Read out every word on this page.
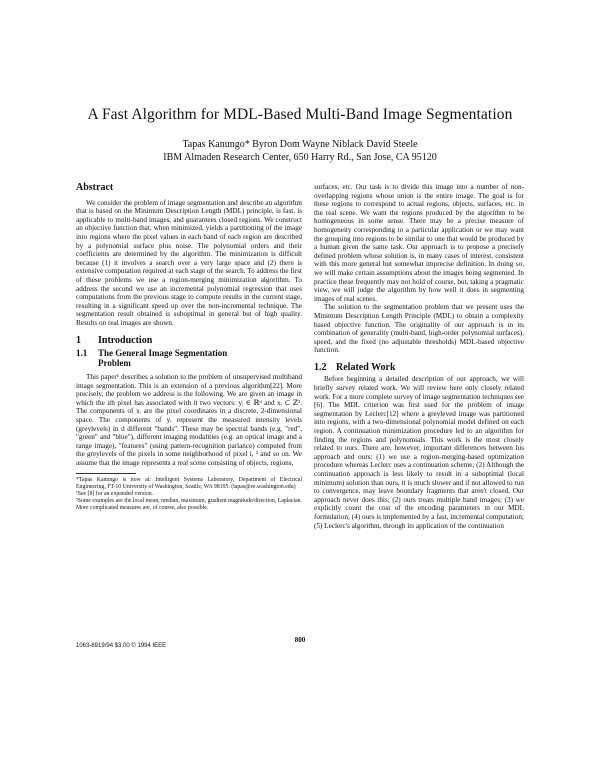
A Fast Algorithm for MDL-Based Multi-Band Image Segmentation
Tapas Kanungo* Byron Dom Wayne Niblack David Steele
IBM Almaden Research Center, 650 Harry Rd., San Jose, CA 95120
Abstract

We consider the problem of image segmentation and describe an algorithm that is based on the Minimum Description Length (MDL) principle, is fast, is applicable to multi-band images, and guarantees closed regions. We construct an objective function that, when minimized, yields a partitioning of the image into regions where the pixel values in each band of each region are described by a polynomial surface plus noise. The polynomial orders and their coefficients are determined by the algorithm. The minimization is difficult because (1) it involves a search over a very large space and (2) there is extensive computation required at each stage of the search. To address the first of these problems we use a region-merging minimization algorithm. To address the second we use an incremental polynomial regression that uses computations from the previous stage to compute results in the current stage, resulting in a significant speed up over the non-incremental technique. The segmentation result obtained is suboptimal in general but of high quality. Results on real images are shown.

1 Introduction
1.1 The General Image Segmentation
Problem

This paper¹ describes a solution to the problem of unsupervised multiband image segmentation. This is an extension of a previous algorithm[22]. More precisely, the problem we address is the following. We are given an image in which the ith pixel has associated with it two vectors: yᵢ ∈ ℝᵈ and xᵢ ⊂ ℤ². The components of xᵢ are the pixel coordinates in a discrete, 2-dimensional space. The components of yᵢ represent the measured intensity levels (greylevels) in d different "bands". These may be spectral bands (e.g. "red", "green" and "blue"), different imaging modalities (e.g. an optical image and a range image), "features" (using pattern-recognition parlance) computed from the greylevels of the pixels in some neighborhood of pixel i, ² and so on. We assume that the image represents a real scene consisting of objects, regions,

*Tapas Kanungo is now at: Intelligent Systems Laboratory, Department of Electrical Engineering, FT-10 University of Washington, Seattle, WA 98195. (tapas@ee.washington.edu)

¹See [8] for an expanded version.

²Some examples are the local mean, median, maximum, gradient magnitude/direction, Laplacian. More complicated measures are, of course, also possible.

surfaces, etc. Our task is to divide this image into a number of non-overlapping regions whose union is the entire image. The goal is for these regions to correspond to actual regions, objects, surfaces, etc. in the real scene. We want the regions produced by the algorithm to be homogeneous in some sense. There may be a precise measure of homogeneity corresponding to a particular application or we may want the grouping into regions to be similar to one that would be produced by a human given the same task. Our approach is to propose a precisely defined problem whose solution is, in many cases of interest, consistent with this more general but somewhat imprecise definition. In doing so, we will make certain assumptions about the images being segmented. In practice these frequently may not hold of course, but, taking a pragmatic view, we will judge the algorithm by how well it does in segmenting images of real scenes.

The solution to the segmentation problem that we present uses the Minimum Description Length Principle (MDL) to obtain a complexity based objective function. The originality of our approach is in its combination of generality (multi-band, high-order polynomial surfaces), speed, and the fixed (no adjustable thresholds) MDL-based objective function.

1.2 Related Work

Before beginning a detailed description of our approach, we will briefly survey related work. We will review here only closely related work. For a more complete survey of image segmentation techniques see [6]. The MDL criterion was first used for the problem of image segmentation by Leclerc[12] where a greyleved image was partitioned into regions, with a two-dimensional polynomial model defined on each region. A continuation minimization procedure led to an algorithm for finding the regions and polynomials. This work is the most closely related to ours. There are, however, important differences between his approach and ours: (1) we use a region-merging-based optimization procedure whereas Leclerc uses a continuation scheme; (2) Although the continuation approach is less likely to result in a suboptimal (local minimum) solution than ours, it is much slower and if not allowed to run to convergence, may leave boundary fragments that aren't closed. Our approach never does this; (2) ours treats multiple band images; (3) we explicitly count the cost of the encoding parameters in our MDL formulation; (4) ours is implemented by a fast, incremental computation; (5) Leclerc's algorithm, through its application of the continuation

800
1063-6919/94 $3.00 © 1994 IEEE
